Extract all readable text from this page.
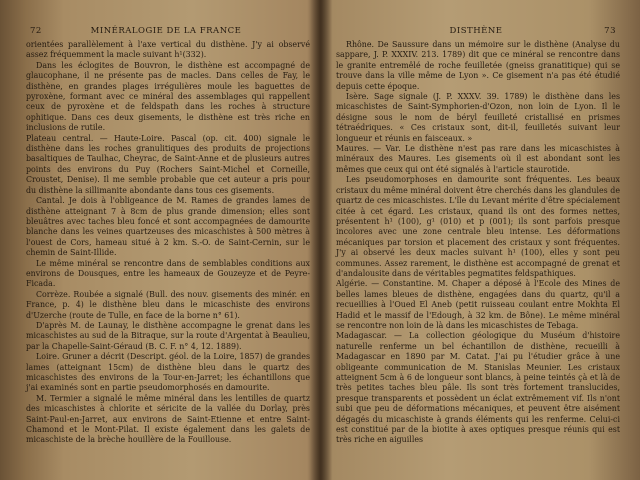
72	MINÉRALOGIE DE LA FRANCE

orientées parallèlement à l'axe vertical du disthène. J'y ai observé assez fréquemment la macle suivant h¹(332).

Dans les éclogites de Bouvron, le disthène est accompagné de glaucophane, il ne présente pas de macles. Dans celles de Fay, le disthène, en grandes plages irrégulières moule les baguettes de pyroxène, formant avec ce minéral des assemblages qui rappellent ceux de pyroxène et de feldspath dans les roches à structure ophitique. Dans ces deux gisements, le disthène est très riche en inclusions de rutile.

Plateau central. — Haute-Loire. Pascal (op. cit. 400) signale le disthène dans les roches granulitiques des produits de projections basaltiques de Taulhac, Cheyrac, de Saint-Anne et de plusieurs autres points des environs du Puy (Rochers Saint-Michel et Corneille, Croustet, Denise). Il me semble probable que cet auteur a pris pour du disthène la sillimanite abondante dans tous ces gisements.

Cantal. Je dois à l'obligeance de M. Rames de grandes lames de disthène atteignant 7 à 8cm de plus grande dimension; elles sont bleuâtres avec taches bleu foncé et sont accompagnées de damourite blanche dans les veines quartzeuses des micaschistes à 500 mètres à l'ouest de Cors, hameau situé à 2 km. S.-O. de Saint-Cernin, sur le chemin de Saint-Illide.

Le même minéral se rencontre dans de semblables conditions aux environs de Dousques, entre les hameaux de Gouzeyze et de Peyre-Ficada.

Corrèze. Roubée a signalé (Bull. des nouv. gisements des minér. en France, p. 4) le disthène bleu dans le micaschiste des environs d'Uzerche (route de Tulle, en face de la borne n° 61).

D'après M. de Launay, le disthène accompagne le grenat dans les micaschistes au sud de la Bitraque, sur la route d'Argentat à Beaulieu, par la Chapelle-Saint-Géraud (B. C. F. n° 4, 12. 1889).

Loire. Gruner a décrit (Descript. géol. de la Loire, 1857) de grandes lames (atteignant 15cm) de disthène bleu dans le quartz des micaschistes des environs de la Tour-en-Jarret; les échantillons que j'ai examinés sont en partie pseudomorphosés en damourite.

M. Termier a signalé le même minéral dans les lentilles de quartz des micaschistes à chlorite et séricite de la vallée du Dorlay, près Saint-Paul-en-Jarret, aux environs de Saint-Etienne et entre Saint-Chamond et le Mont-Pilat. Il existe également dans les galets de micaschiste de la brèche houillère de la Fouillouse.

DISTHÈNE	73

Rhône. De Saussure dans un mémoire sur le disthène (Analyse du sappare, J. P. XXXIV. 213. 1789) dit que ce minéral se rencontre dans le granite entremêlé de roche feuilletée (gneiss granatitique) qui se trouve dans la ville même de Lyon ». Ce gisement n'a pas été étudié depuis cette époque.

Isère. Sage signale (J. P. XXXV. 39. 1789) le disthène dans les micaschistes de Saint-Symphorien-d'Ozon, non loin de Lyon. Il le désigne sous le nom de béryl feuilleté cristallisé en prismes tétraédriques. « Ces cristaux sont, dit-il, feuilletés suivant leur longueur et réunis en faisceaux. »

Maures. — Var. Le disthène n'est pas rare dans les micaschistes à minéraux des Maures. Les gisements où il est abondant sont les mêmes que ceux qui ont été signalés à l'article staurotide.

Les pseudomorphoses en damourite sont fréquentes. Les beaux cristaux du même minéral doivent être cherchés dans les glandules de quartz de ces micaschistes. L'île du Levant mérite d'être spécialement citée à cet égard. Les cristaux, quand ils ont des formes nettes, présentent h¹ (100), g¹ (010) et p (001); ils sont parfois presque incolores avec une zone centrale bleu intense. Les déformations mécaniques par torsion et placement des cristaux y sont fréquentes. J'y ai observé les deux macles suivant h¹ (100), elles y sont peu communes. Assez rarement, le disthène est accompagné de grenat et d'andalousite dans de véritables pegmatites feldspathiques.

Algérie. — Constantine. M. Chaper a déposé à l'Ecole des Mines de belles lames bleues de disthène, engagées dans du quartz, qu'il a recueillies à l'Oued El Aneb (petit ruisseau coulant entre Mokhta El Hadid et le massif de l'Edough, à 32 km. de Bône). Le même minéral se rencontre non loin de là dans les micaschistes de Tebaga.

Madagascar. — La collection géologique du Muséum d'histoire naturelle renferme un bel échantillon de disthène, recueilli à Madagascar en 1890 par M. Catat. J'ai pu l'étudier grâce à une obligeante communication de M. Stanislas Meunier. Les cristaux atteignent 5cm à 6 de longueur sont blancs, à peine teintés çà et là de très petites taches bleu pâle. Ils sont très fortement translucides, presque transparents et possèdent un éclat extrêmement vif. Ils n'ont subi que peu de déformations mécaniques, et peuvent être aisément dégagés du micaschiste à grands éléments qui les renferme. Celui-ci est constitué par de la biotite à axes optiques presque réunis qui est très riche en aiguilles
